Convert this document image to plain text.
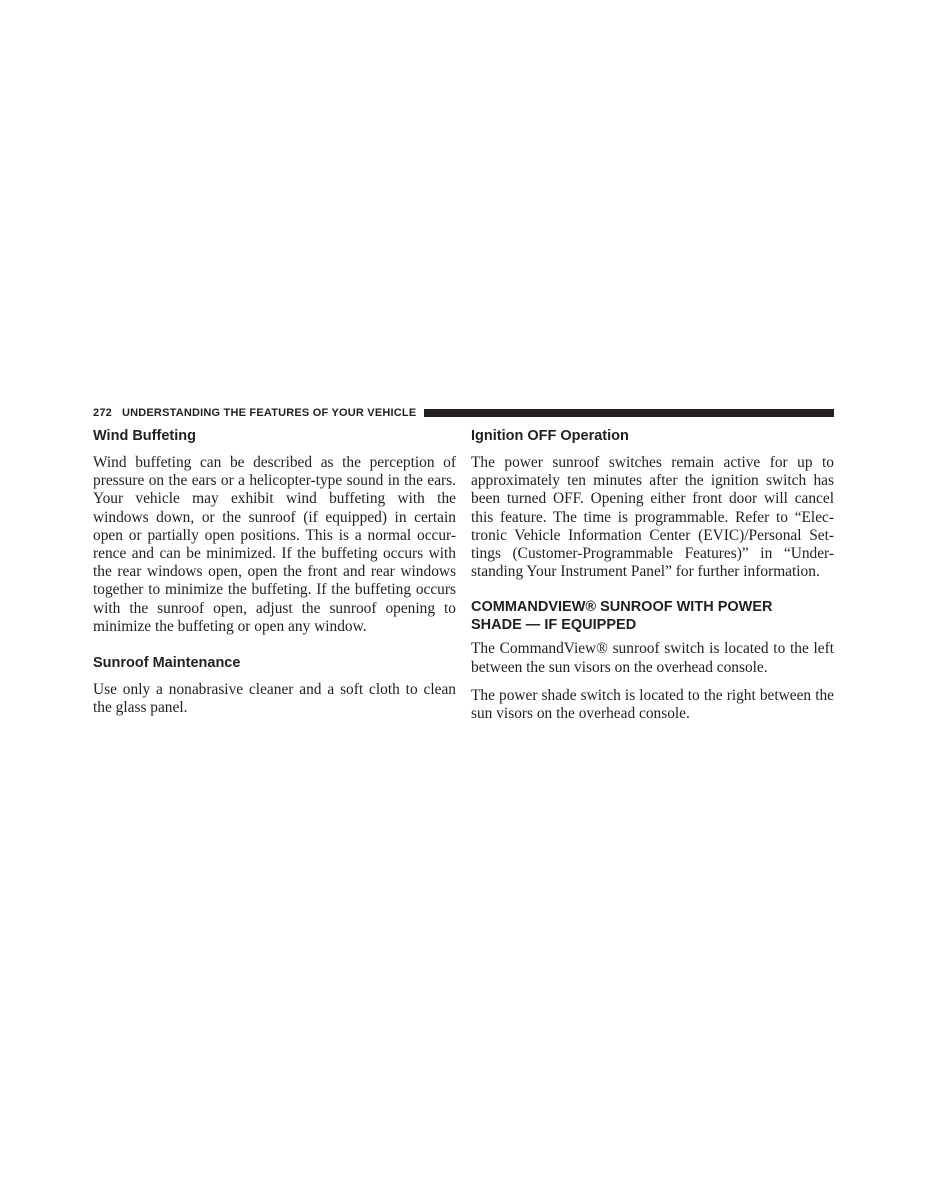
272 UNDERSTANDING THE FEATURES OF YOUR VEHICLE
Wind Buffeting

Wind buffeting can be described as the perception of pressure on the ears or a helicopter-type sound in the ears. Your vehicle may exhibit wind buffeting with the windows down, or the sunroof (if equipped) in certain open or partially open positions. This is a normal occur-rence and can be minimized. If the buffeting occurs with the rear windows open, open the front and rear windows together to minimize the buffeting. If the buffeting occurs with the sunroof open, adjust the sunroof opening to minimize the buffeting or open any window.

Sunroof Maintenance

Use only a nonabrasive cleaner and a soft cloth to clean the glass panel.

Ignition OFF Operation

The power sunroof switches remain active for up to approximately ten minutes after the ignition switch has been turned OFF. Opening either front door will cancel this feature. The time is programmable. Refer to “Elec-tronic Vehicle Information Center (EVIC)/Personal Set-tings (Customer-Programmable Features)” in “Under-standing Your Instrument Panel” for further information.

COMMANDVIEW® SUNROOF WITH POWER
SHADE — IF EQUIPPED

The CommandView® sunroof switch is located to the left between the sun visors on the overhead console.

The power shade switch is located to the right between the sun visors on the overhead console.
